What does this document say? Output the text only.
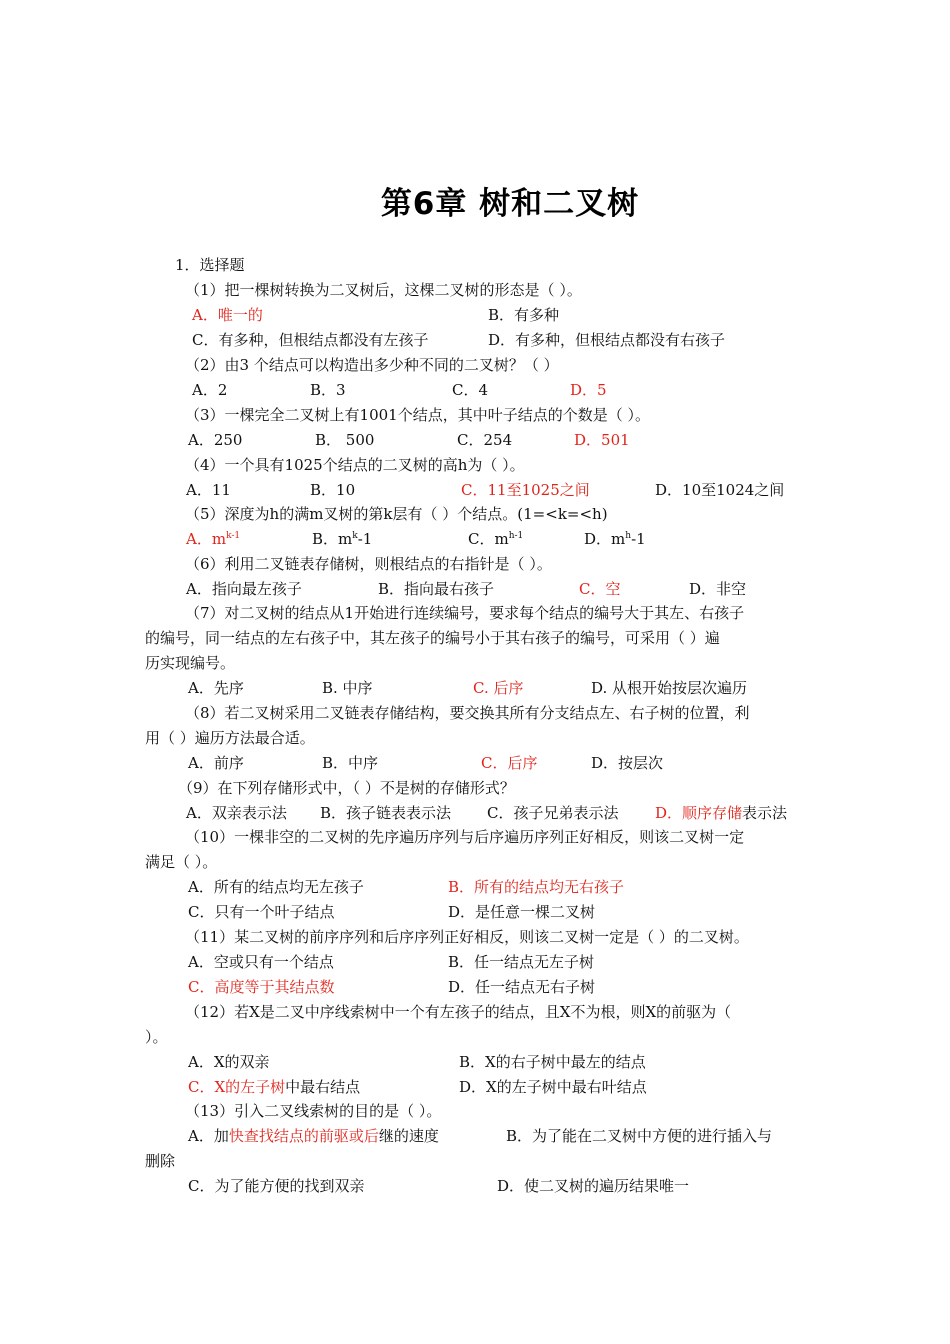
第6章 树和二叉树
1．选择题
（1）把一棵树转换为二叉树后，这棵二叉树的形态是（ ）。
A．唯一的	B．有多种
C．有多种，但根结点都没有左孩子	D．有多种，但根结点都没有右孩子
（2）由3 个结点可以构造出多少种不同的二叉树？（ ）
A．2	B．3	C．4	D．5
（3）一棵完全二叉树上有1001个结点，其中叶子结点的个数是（ ）。
A．250	B． 500	C．254	D．501
（4）一个具有1025个结点的二叉树的高h为（ ）。
A．11	B．10	C．11至1025之间	D．10至1024之间
（5）深度为h的满m叉树的第k层有（ ）个结点。(1=<k=<h)
A．$m^{k-1}$	B．$m^k-1$	C．$m^{h-1}$	D．$m^h-1$
（6）利用二叉链表存储树，则根结点的右指针是（ ）。
A．指向最左孩子	B．指向最右孩子	C．空	D．非空
（7）对二叉树的结点从1开始进行连续编号，要求每个结点的编号大于其左、右孩子
的编号，同一结点的左右孩子中，其左孩子的编号小于其右孩子的编号，可采用（ ）遍
历实现编号。
A．先序	B. 中序	C. 后序	D. 从根开始按层次遍历
（8）若二叉树采用二叉链表存储结构，要交换其所有分支结点左、右子树的位置，利
用（ ）遍历方法最合适。
A．前序	B．中序	C．后序	D．按层次
（9）在下列存储形式中，（ ）不是树的存储形式？
A．双亲表示法 B．孩子链表表示法 C．孩子兄弟表示法 D．顺序存储表示法
（10）一棵非空的二叉树的先序遍历序列与后序遍历序列正好相反，则该二叉树一定
满足（ ）。
A．所有的结点均无左孩子	B．所有的结点均无右孩子
C．只有一个叶子结点	D．是任意一棵二叉树
（11）某二叉树的前序序列和后序序列正好相反，则该二叉树一定是（ ）的二叉树。
A．空或只有一个结点	B．任一结点无左子树
C．高度等于其结点数	D．任一结点无右子树
（12）若X是二叉中序线索树中一个有左孩子的结点，且X不为根，则X的前驱为（
）。
A．X的双亲	B．X的右子树中最左的结点
C．X的左子树中最右结点	D．X的左子树中最右叶结点
（13）引入二叉线索树的目的是（ ）。
A．加快查找结点的前驱或后继的速度	B．为了能在二叉树中方便的进行插入与
删除
C．为了能方便的找到双亲	D．使二叉树的遍历结果唯一
